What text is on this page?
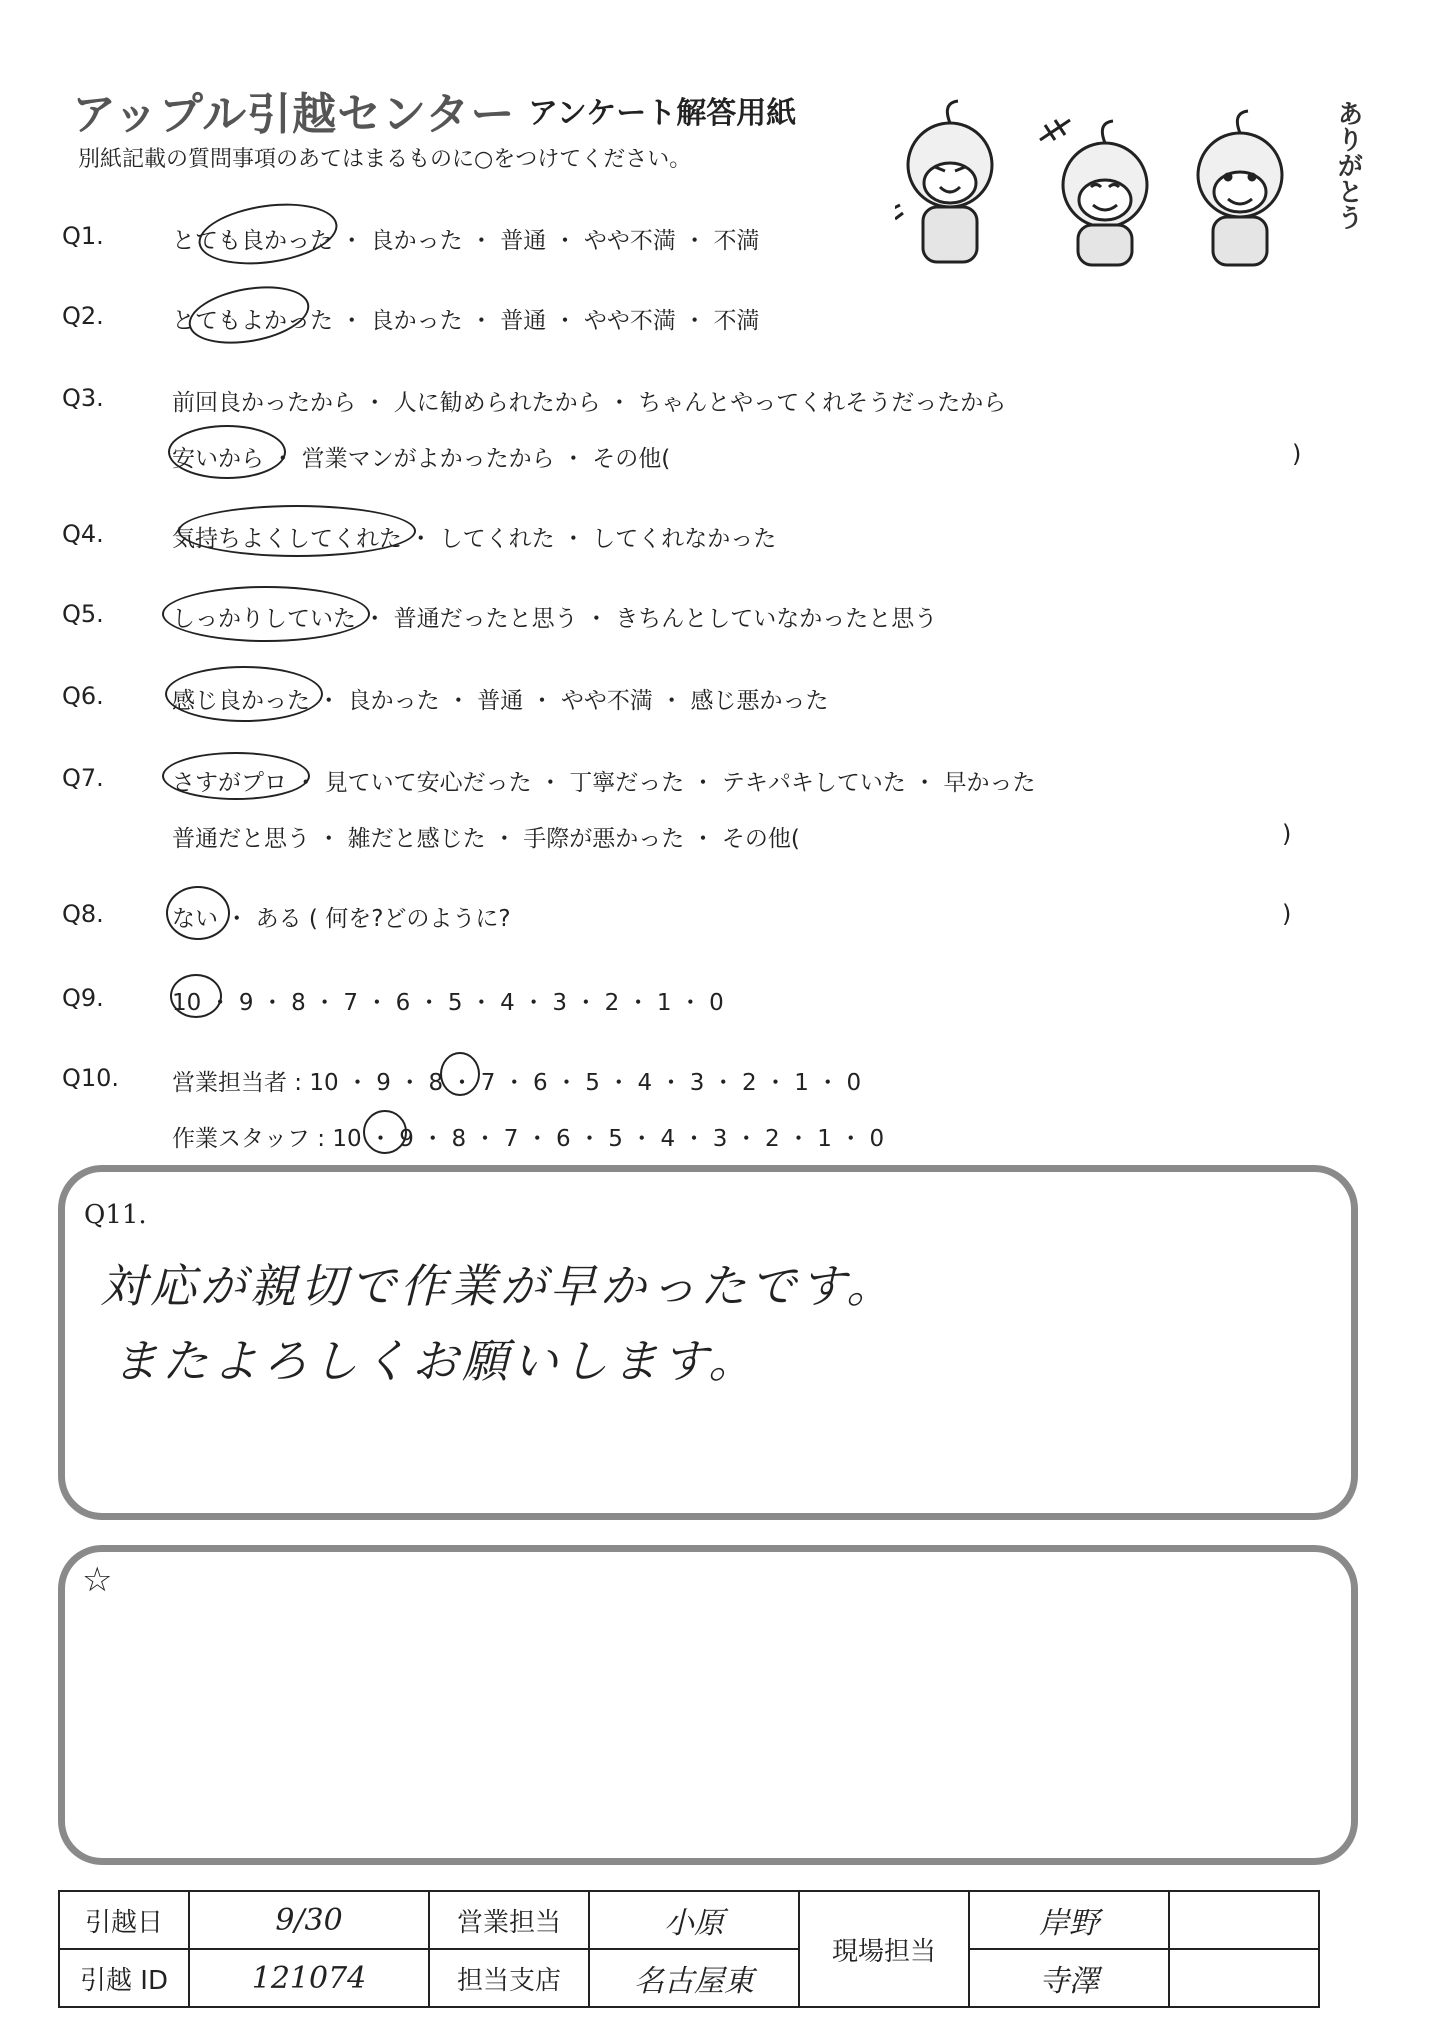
アップル引越センター アンケート解答用紙
別紙記載の質問事項のあてはまるものに○をつけてください。	ありがとう
Q1.	とても良かった ・ 良かった ・ 普通 ・ やや不満 ・ 不満
Q2.	とてもよかった ・ 良かった ・ 普通 ・ やや不満 ・ 不満
Q3.	前回良かったから ・ 人に勧められたから ・ ちゃんとやってくれそうだったから
安いから ・ 営業マンがよかったから ・ その他(	)
Q4.	気持ちよくしてくれた ・ してくれた ・ してくれなかった
Q5.	しっかりしていた ・ 普通だったと思う ・ きちんとしていなかったと思う
Q6.	感じ良かった ・ 良かった ・ 普通 ・ やや不満 ・ 感じ悪かった
Q7.	さすがプロ ・ 見ていて安心だった ・ 丁寧だった ・ テキパキしていた ・ 早かった
普通だと思う ・ 雑だと感じた ・ 手際が悪かった ・ その他(	)
Q8.	ない ・ ある ( 何を?どのように?	)
Q9.	10 ・ 9 ・ 8 ・ 7 ・ 6 ・ 5 ・ 4 ・ 3 ・ 2 ・ 1 ・ 0
Q10. 営業担当者 : 10 ・ 9 ・ 8 ・ 7 ・ 6 ・ 5 ・ 4 ・ 3 ・ 2 ・ 1 ・ 0
作業スタッフ : 10 ・ 9 ・ 8 ・ 7 ・ 6 ・ 5 ・ 4 ・ 3 ・ 2 ・ 1 ・ 0
Q11.
対応が親切で作業が早かったです。
またよろしくお願いします。
☆
引越日	9/30	営業担当	小原	現場担当	岸野	
引越 ID	121074	担当支店	名古屋東		寺澤	
